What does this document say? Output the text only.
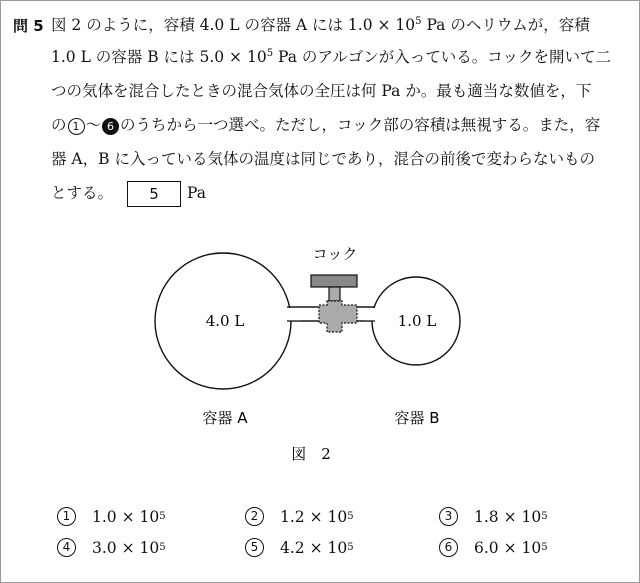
問 5 図 2 のように，容積 4.0 L の容器 A には $1.0 \times 10^5$ Pa のヘリウムが，容積
1.0 L の容器 B には $5.0 \times 10^5$ Pa のアルゴンが入っている。コックを開いて二
つの気体を混合したときの混合気体の全圧は何 Pa か。最も適当な数値を，下
の 1 〜 6 のうちから一つ選べ。ただし，コック部の容積は無視する。また，容
器 A，B に入っている気体の温度は同じであり，混合の前後で変わらないもの
とする。 5 Pa
コック
4.0 L	1.0 L
容器 A	容器 B
図　2
1	1.0 × 10 5	2	1.2 × 10 5	3	1.8 × 10 5
4	3.0 × 10 5	5	4.2 × 10 5	6	6.0 × 10 5
